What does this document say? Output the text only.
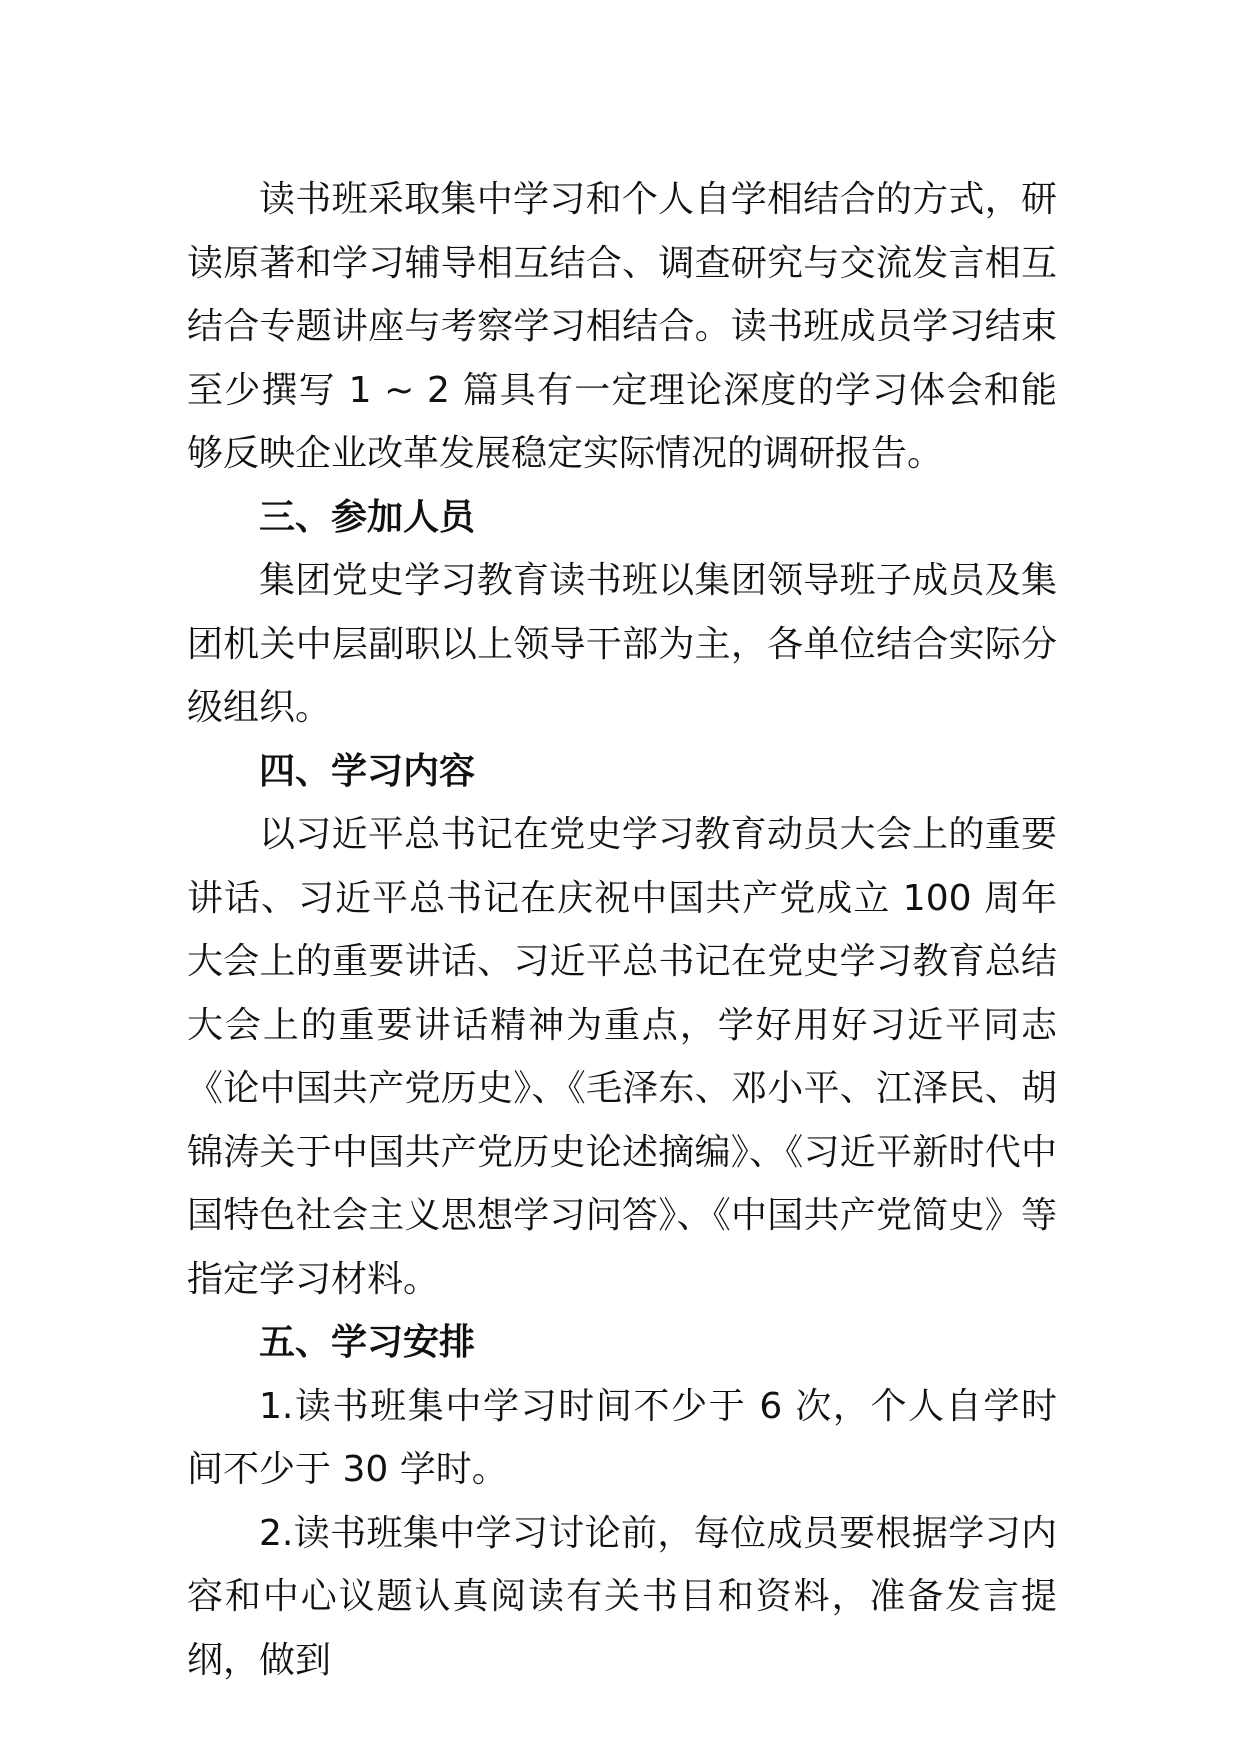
读书班采取集中学习和个人自学相结合的方式，研读原著和学习辅导相互结合、调查研究与交流发言相互结合专题讲座与考察学习相结合。读书班成员学习结束至少撰写 1 ~ 2 篇具有一定理论深度的学习体会和能够反映企业改革发展稳定实际情况的调研报告。

三、参加人员

集团党史学习教育读书班以集团领导班子成员及集团机关中层副职以上领导干部为主，各单位结合实际分级组织。

四、学习内容

以习近平总书记在党史学习教育动员大会上的重要讲话、习近平总书记在庆祝中国共产党成立 100 周年大会上的重要讲话、习近平总书记在党史学习教育总结大会上的重要讲话精神为重点，学好用好习近平同志《论中国共产党历史》、《毛泽东、邓小平、江泽民、胡锦涛关于中国共产党历史论述摘编》、《习近平新时代中国特色社会主义思想学习问答》、《中国共产党简史》等指定学习材料。

五、学习安排

1.读书班集中学习时间不少于 6 次，个人自学时间不少于 30 学时。

2.读书班集中学习讨论前，每位成员要根据学习内容和中心议题认真阅读有关书目和资料，准备发言提纲，做到
